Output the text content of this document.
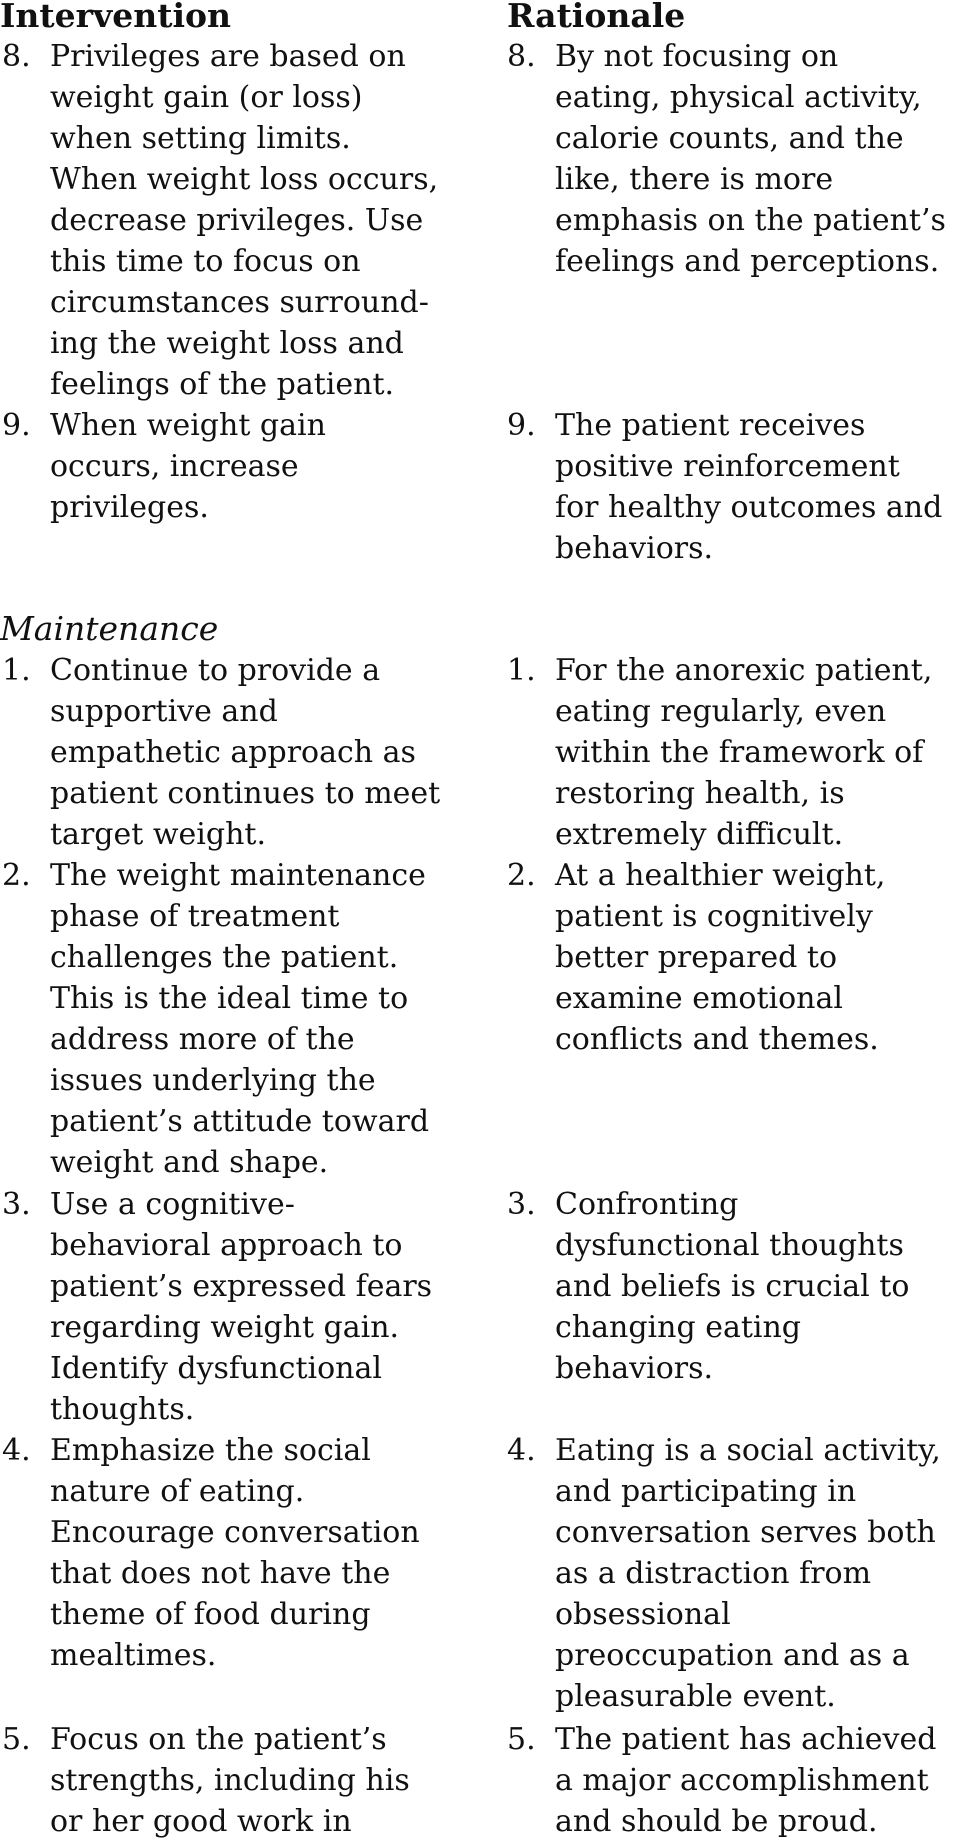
Intervention	Rationale
8. Privileges are based on
weight gain (or loss)
when setting limits.
When weight loss occurs,
decrease privileges. Use
this time to focus on
circumstances surround-
ing the weight loss and
feelings of the patient.
8. By not focusing on
eating, physical activity,
calorie counts, and the
like, there is more
emphasis on the patient’s
feelings and perceptions.
9. When weight gain
occurs, increase
privileges.
9. The patient receives
positive reinforcement
for healthy outcomes and
behaviors.
Maintenance
1. Continue to provide a
supportive and
empathetic approach as
patient continues to meet
target weight.
1. For the anorexic patient,
eating regularly, even
within the framework of
restoring health, is
extremely difficult.
2. The weight maintenance
phase of treatment
challenges the patient.
This is the ideal time to
address more of the
issues underlying the
patient’s attitude toward
weight and shape.
2. At a healthier weight,
patient is cognitively
better prepared to
examine emotional
conflicts and themes.
3. Use a cognitive-
behavioral approach to
patient’s expressed fears
regarding weight gain.
Identify dysfunctional
thoughts.
3. Confronting
dysfunctional thoughts
and beliefs is crucial to
changing eating
behaviors.
4. Emphasize the social
nature of eating.
Encourage conversation
that does not have the
theme of food during
mealtimes.
4. Eating is a social activity,
and participating in
conversation serves both
as a distraction from
obsessional
preoccupation and as a
pleasurable event.
5. Focus on the patient’s
strengths, including his
or her good work in
5. The patient has achieved
a major accomplishment
and should be proud.
